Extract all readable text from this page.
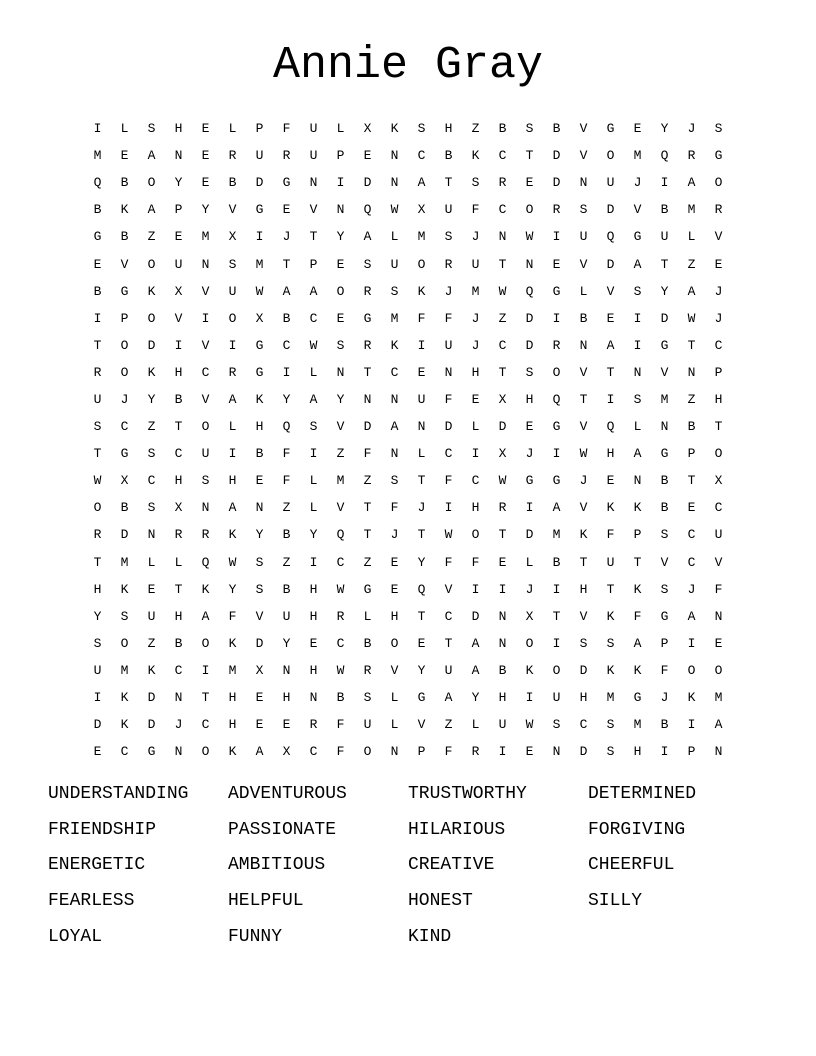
Annie Gray
I	L	S	H	E	L	P	F	U	L	X	K	S	H	Z	B	S	B	V	G	E	Y	J	S
M	E	A	N	E	R	U	R	U	P	E	N	C	B	K	C	T	D	V	O	M	Q	R	G
Q	B	O	Y	E	B	D	G	N	I	D	N	A	T	S	R	E	D	N	U	J	I	A	O
B	K	A	P	Y	V	G	E	V	N	Q	W	X	U	F	C	O	R	S	D	V	B	M	R
G	B	Z	E	M	X	I	J	T	Y	A	L	M	S	J	N	W	I	U	Q	G	U	L	V
E	V	O	U	N	S	M	T	P	E	S	U	O	R	U	T	N	E	V	D	A	T	Z	E
B	G	K	X	V	U	W	A	A	O	R	S	K	J	M	W	Q	G	L	V	S	Y	A	J
I	P	O	V	I	O	X	B	C	E	G	M	F	F	J	Z	D	I	B	E	I	D	W	J
T	O	D	I	V	I	G	C	W	S	R	K	I	U	J	C	D	R	N	A	I	G	T	C
R	O	K	H	C	R	G	I	L	N	T	C	E	N	H	T	S	O	V	T	N	V	N	P
U	J	Y	B	V	A	K	Y	A	Y	N	N	U	F	E	X	H	Q	T	I	S	M	Z	H
S	C	Z	T	O	L	H	Q	S	V	D	A	N	D	L	D	E	G	V	Q	L	N	B	T
T	G	S	C	U	I	B	F	I	Z	F	N	L	C	I	X	J	I	W	H	A	G	P	O
W	X	C	H	S	H	E	F	L	M	Z	S	T	F	C	W	G	G	J	E	N	B	T	X
O	B	S	X	N	A	N	Z	L	V	T	F	J	I	H	R	I	A	V	K	K	B	E	C
R	D	N	R	R	K	Y	B	Y	Q	T	J	T	W	O	T	D	M	K	F	P	S	C	U
T	M	L	L	Q	W	S	Z	I	C	Z	E	Y	F	F	E	L	B	T	U	T	V	C	V
H	K	E	T	K	Y	S	B	H	W	G	E	Q	V	I	I	J	I	H	T	K	S	J	F
Y	S	U	H	A	F	V	U	H	R	L	H	T	C	D	N	X	T	V	K	F	G	A	N
S	O	Z	B	O	K	D	Y	E	C	B	O	E	T	A	N	O	I	S	S	A	P	I	E
U	M	K	C	I	M	X	N	H	W	R	V	Y	U	A	B	K	O	D	K	K	F	O	O
I	K	D	N	T	H	E	H	N	B	S	L	G	A	Y	H	I	U	H	M	G	J	K	M
D	K	D	J	C	H	E	E	R	F	U	L	V	Z	L	U	W	S	C	S	M	B	I	A
E	C	G	N	O	K	A	X	C	F	O	N	P	F	R	I	E	N	D	S	H	I	P	N
UNDERSTANDING	ADVENTUROUS	TRUSTWORTHY	DETERMINED
FRIENDSHIP	PASSIONATE	HILARIOUS	FORGIVING
ENERGETIC	AMBITIOUS	CREATIVE	CHEERFUL
FEARLESS	HELPFUL	HONEST	SILLY
LOYAL	FUNNY	KIND
